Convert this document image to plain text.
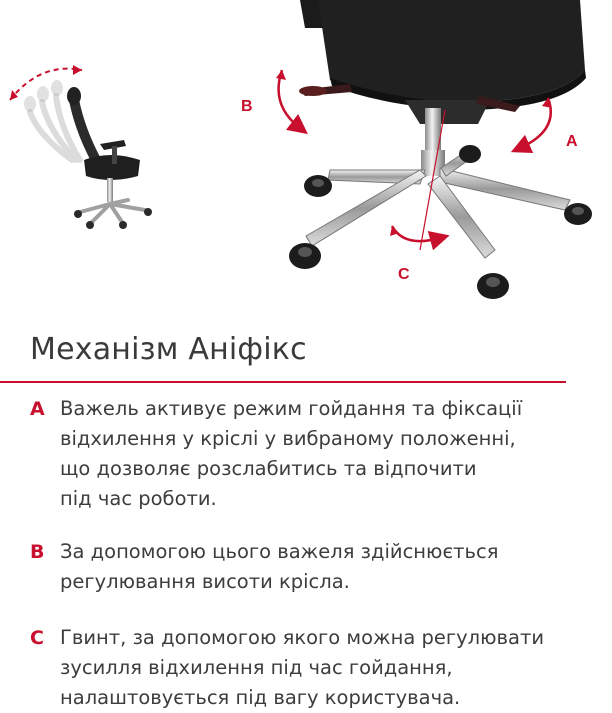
B
A
C
Механізм Аніфікс
A Важель активує режим гойдання та фіксації
відхилення у кріслі у вибраному положенні,
що дозволяє розслабитись та відпочити
під час роботи.
B За допомогою цього важеля здійснюється
регулювання висоти крісла.
C Гвинт, за допомогою якого можна регулювати
зусилля відхилення під час гойдання,
налаштовується під вагу користувача.
